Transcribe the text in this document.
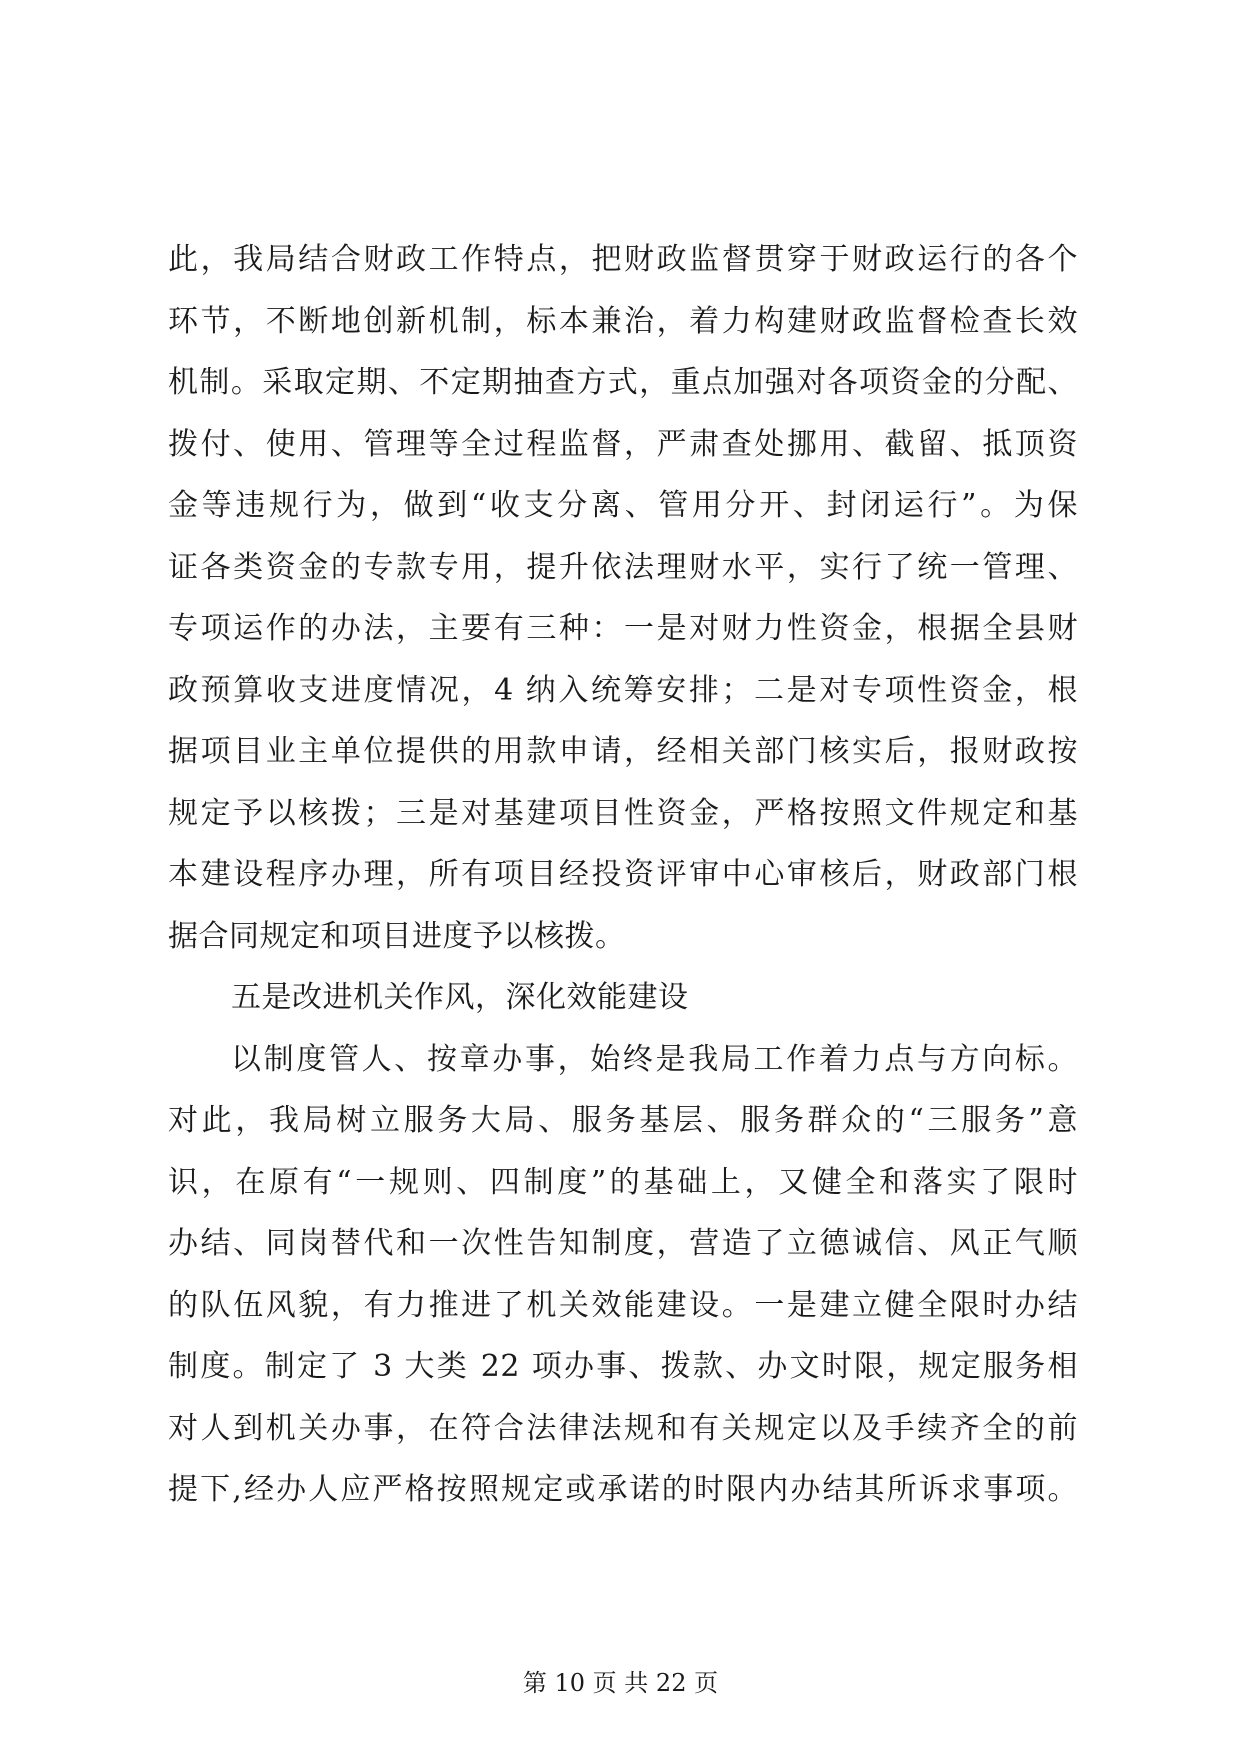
此，我局结合财政工作特点，把财政监督贯穿于财政运行的各个
环节，不断地创新机制，标本兼治，着力构建财政监督检查长效
机制。采取定期、不定期抽查方式，重点加强对各项资金的分配、
拨付、使用、管理等全过程监督，严肃查处挪用、截留、抵顶资
金等违规行为，做到“收支分离、管用分开、封闭运行”。为保
证各类资金的专款专用，提升依法理财水平，实行了统一管理、
专项运作的办法，主要有三种：一是对财力性资金，根据全县财
政预算收支进度情况，4 纳入统筹安排；二是对专项性资金，根
据项目业主单位提供的用款申请，经相关部门核实后，报财政按
规定予以核拨；三是对基建项目性资金，严格按照文件规定和基
本建设程序办理，所有项目经投资评审中心审核后，财政部门根
据合同规定和项目进度予以核拨。
五是改进机关作风，深化效能建设
以制度管人、按章办事，始终是我局工作着力点与方向标。
对此，我局树立服务大局、服务基层、服务群众的“三服务”意
识，在原有“一规则、四制度”的基础上，又健全和落实了限时
办结、同岗替代和一次性告知制度，营造了立德诚信、风正气顺
的队伍风貌，有力推进了机关效能建设。一是建立健全限时办结
制度。制定了 3 大类 22 项办事、拨款、办文时限，规定服务相
对人到机关办事，在符合法律法规和有关规定以及手续齐全的前
提下,经办人应严格按照规定或承诺的时限内办结其所诉求事项。
第 10 页 共 22 页
